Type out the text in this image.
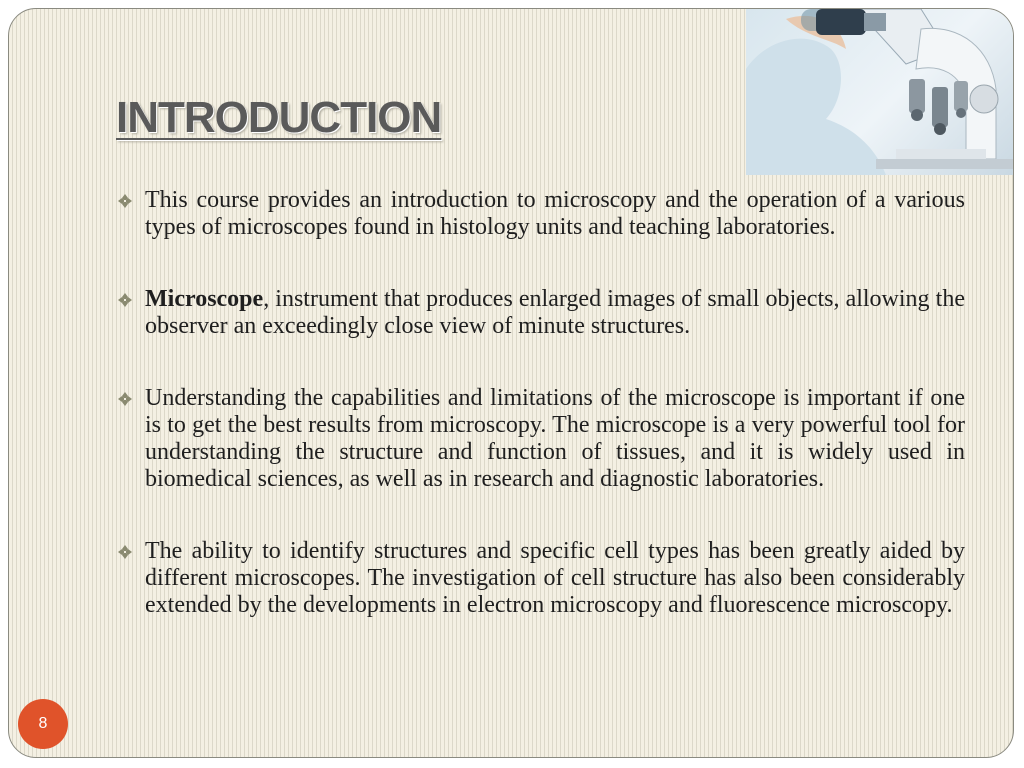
INTRODUCTION
This course provides an introduction to microscopy and the operation of a various types of microscopes found in histology units and teaching laboratories.
Microscope, instrument that produces enlarged images of small objects, allowing the observer an exceedingly close view of minute structures.
Understanding the capabilities and limitations of the microscope is important if one is to get the best results from microscopy. The microscope is a very powerful tool for understanding the structure and function of tissues, and it is widely used in biomedical sciences, as well as in research and diagnostic laboratories.
The ability to identify structures and specific cell types has been greatly aided by different microscopes. The investigation of cell structure has also been considerably extended by the developments in electron microscopy and fluorescence microscopy.
8
